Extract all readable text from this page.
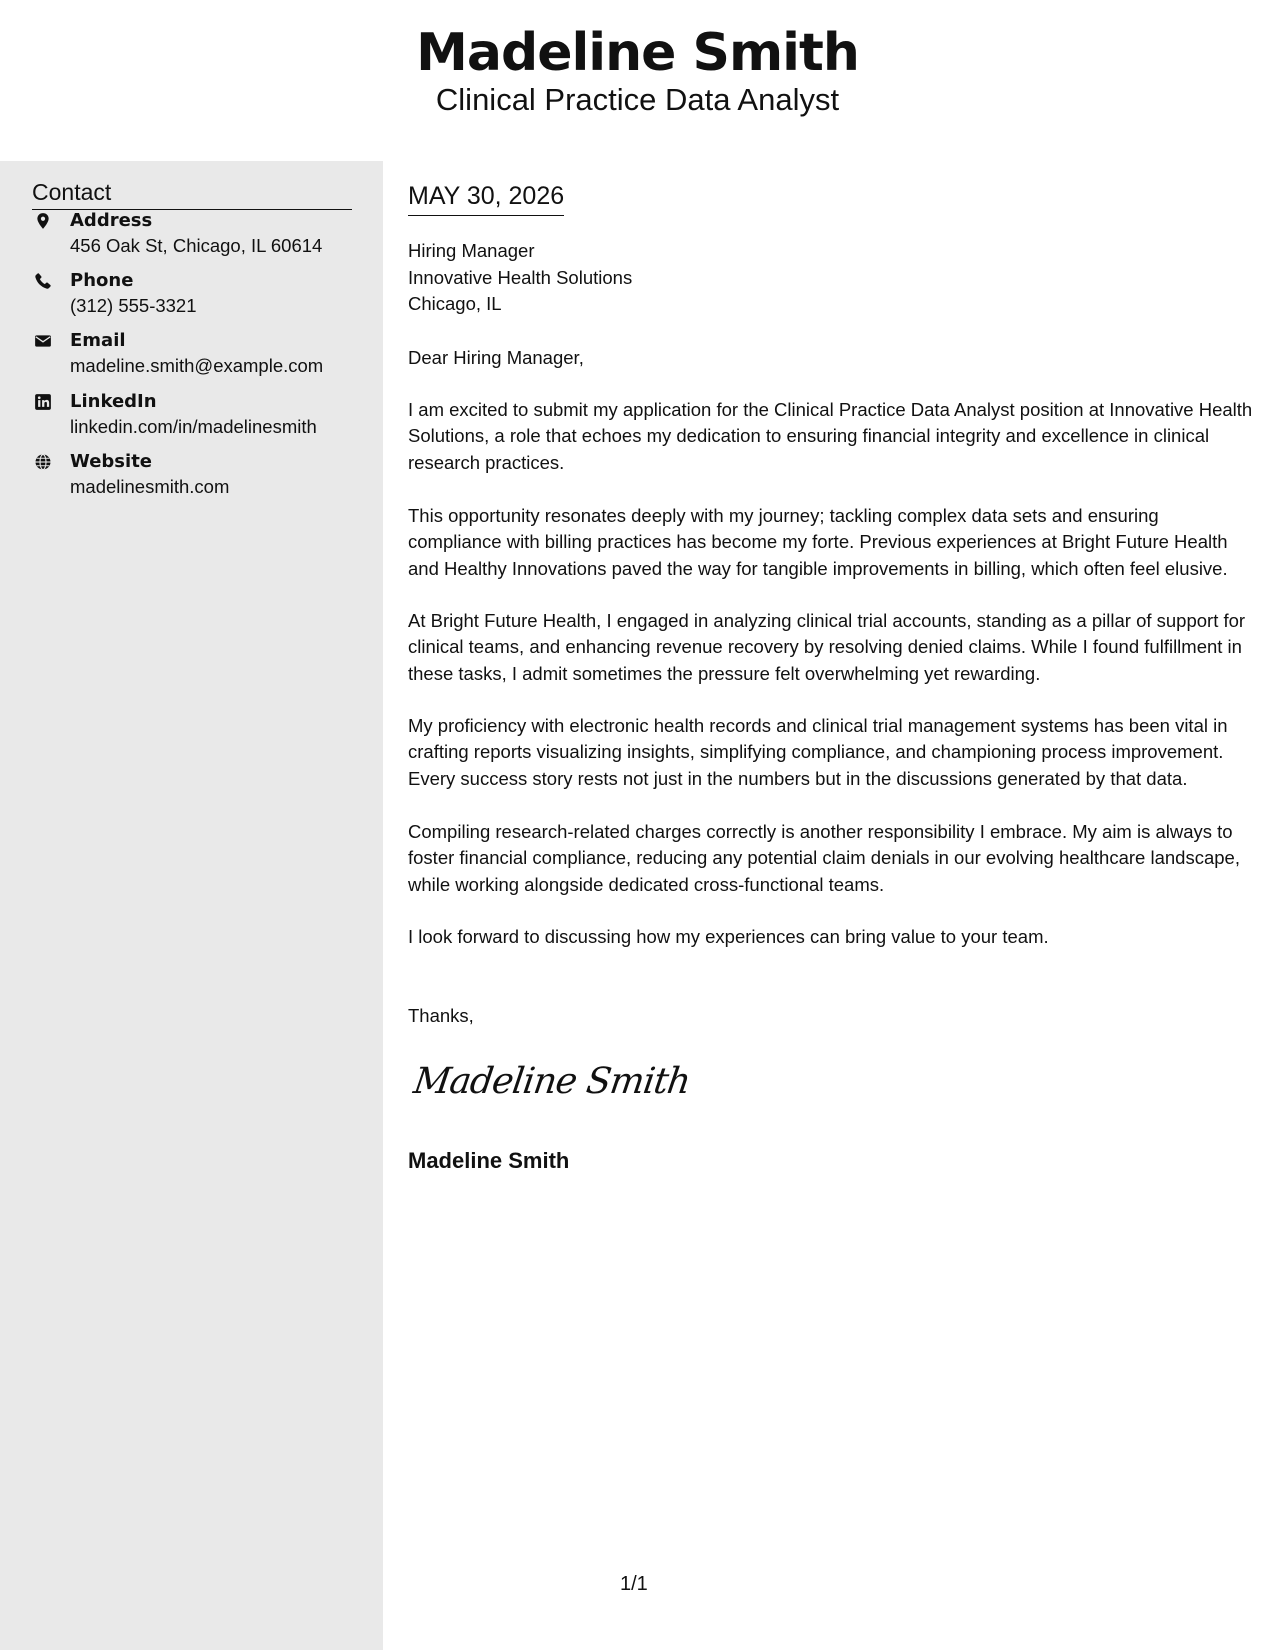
Madeline Smith
Clinical Practice Data Analyst
Contact
Address
456 Oak St, Chicago, IL 60614
Phone
(312) 555-3321
Email
madeline.smith@example.com
LinkedIn
linkedin.com/in/madelinesmith
Website
madelinesmith.com
MAY 30, 2026
Hiring Manager
Innovative Health Solutions
Chicago, IL

Dear Hiring Manager,

I am excited to submit my application for the Clinical Practice Data Analyst position at Innovative Health Solutions, a role that echoes my dedication to ensuring financial integrity and excellence in clinical research practices.

This opportunity resonates deeply with my journey; tackling complex data sets and ensuring compliance with billing practices has become my forte. Previous experiences at Bright Future Health and Healthy Innovations paved the way for tangible improvements in billing, which often feel elusive.

At Bright Future Health, I engaged in analyzing clinical trial accounts, standing as a pillar of support for clinical teams, and enhancing revenue recovery by resolving denied claims. While I found fulfillment in these tasks, I admit sometimes the pressure felt overwhelming yet rewarding.

My proficiency with electronic health records and clinical trial management systems has been vital in crafting reports visualizing insights, simplifying compliance, and championing process improvement. Every success story rests not just in the numbers but in the discussions generated by that data.

Compiling research-related charges correctly is another responsibility I embrace. My aim is always to foster financial compliance, reducing any potential claim denials in our evolving healthcare landscape, while working alongside dedicated cross-functional teams.

I look forward to discussing how my experiences can bring value to your team.

Thanks,

Madeline Smith
Madeline Smith
1/1
